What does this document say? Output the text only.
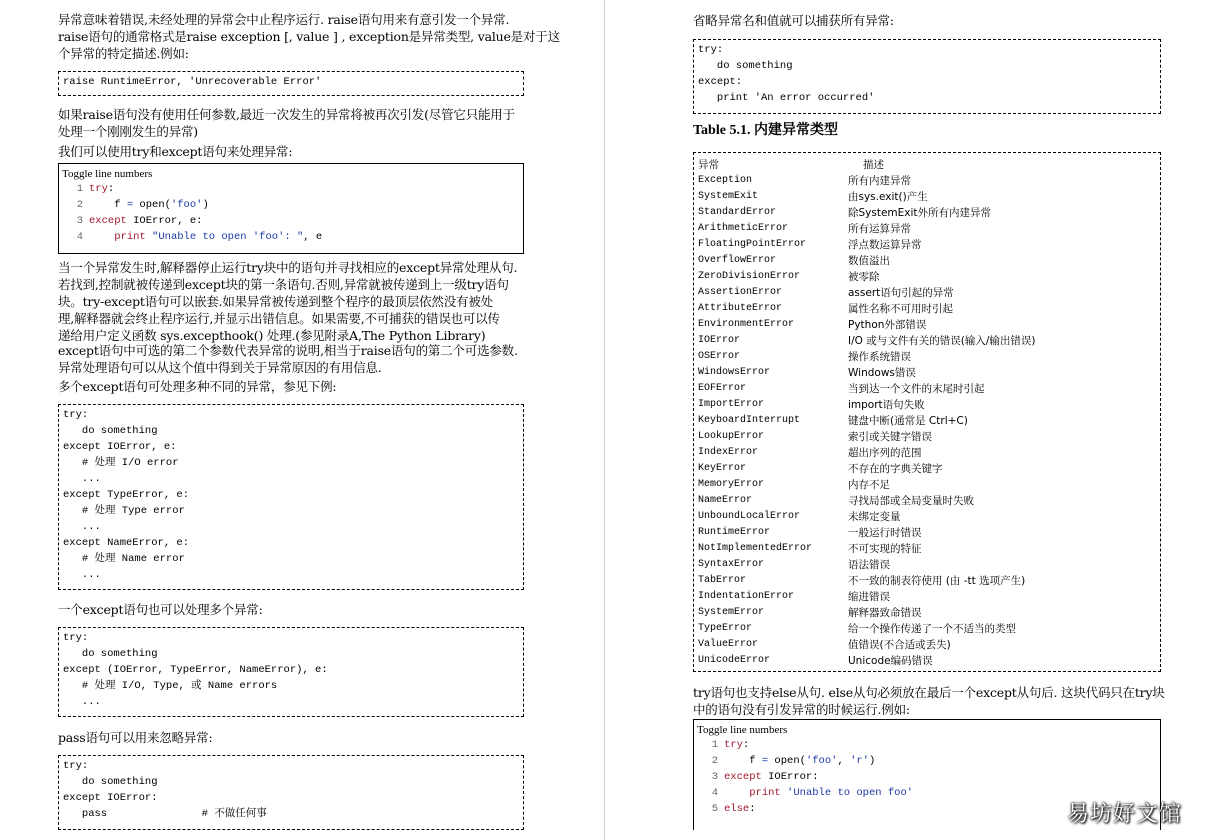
异常意味着错误,未经处理的异常会中止程序运行. raise语句用来有意引发一个异常.
raise语句的通常格式是raise exception [, value ] , exception是异常类型, value是对于这
个异常的特定描述.例如:
raise RuntimeError, 'Unrecoverable Error'
如果raise语句没有使用任何参数,最近一次发生的异常将被再次引发(尽管它只能用于
处理一个刚刚发生的异常)
我们可以使用try和except语句来处理异常:
Toggle line numbers
1 try:
2    f = open('foo')
3 except IOError, e:
4	print "Unable to open 'foo': ", e
当一个异常发生时,解释器停止运行try块中的语句并寻找相应的except异常处理从句.
若找到,控制就被传递到except块的第一条语句.否则,异常就被传递到上一级try语句
块。try-except语句可以嵌套.如果异常被传递到整个程序的最顶层依然没有被处
理,解释器就会终止程序运行,并显示出错信息。如果需要,不可捕获的错误也可以传
递给用户定义函数 sys.excepthook() 处理.(参见附录A,The Python Library)
except语句中可选的第二个参数代表异常的说明,相当于raise语句的第二个可选参数.
异常处理语句可以从这个值中得到关于异常原因的有用信息.
多个except语句可处理多种不同的异常，参见下例:
try:
do something
except IOError, e:
# 处理 I/O error
...
except TypeError, e:
# 处理 Type error
...
except NameError, e:
# 处理 Name error
...
一个except语句也可以处理多个异常:
try:
do something
except (IOError, TypeError, NameError), e:
# 处理 I/O, Type, 或 Name errors
...
pass语句可以用来忽略异常:
try:
do something
except IOError:
pass               # 不做任何事
省略异常名和值就可以捕获所有异常:
try:
do something
except:
print 'An error occurred'
Table 5.1. 内建异常类型
异常	描述
Exception	所有内建异常
SystemExit	由sys.exit()产生
StandardError	除SystemExit外所有内建异常
ArithmeticError	所有运算异常
FloatingPointError	浮点数运算异常
OverflowError	数值溢出
ZeroDivisionError	被零除
AssertionError	assert语句引起的异常
AttributeError	属性名称不可用时引起
EnvironmentError	Python外部错误
IOError	I/O 或与文件有关的错误(输入/输出错误)
OSError	操作系统错误
WindowsError	Windows错误
EOFError	当到达一个文件的末尾时引起
ImportError	import语句失败
KeyboardInterrupt	键盘中断(通常是 Ctrl+C)
LookupError	索引或关键字错误
IndexError	超出序列的范围
KeyError	不存在的字典关键字
MemoryError	内存不足
NameError	寻找局部或全局变量时失败
UnboundLocalError	未绑定变量
RuntimeError	一般运行时错误
NotImplementedError	不可实现的特征
SyntaxError	语法错误
TabError	不一致的制表符使用 (由 -tt 选项产生)
IndentationError	缩进错误
SystemError	解释器致命错误
TypeError	给一个操作传递了一个不适当的类型
ValueError	值错误(不合适或丢失)
UnicodeError	Unicode编码错误
try语句也支持else从句. else从句必须放在最后一个except从句后. 这块代码只在try块
中的语句没有引发异常的时候运行.例如:
Toggle line numbers
1 try:
2    f = open('foo', 'r')
3 except IOError:
4	print 'Unable to open foo'
5 else:	易坊好文馆
